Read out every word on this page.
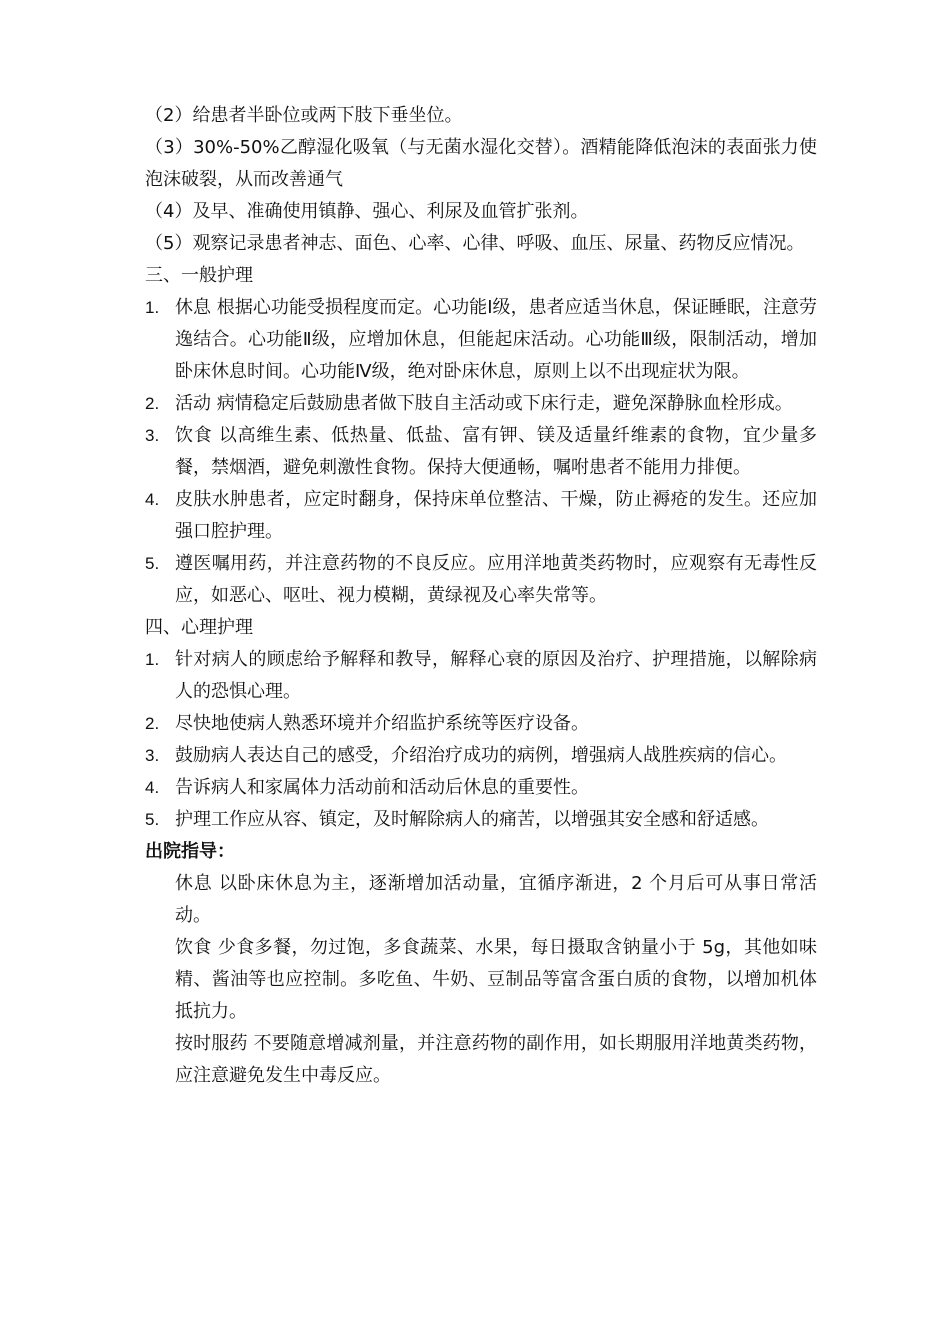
（2）给患者半卧位或两下肢下垂坐位。

（3）30%-50%乙醇湿化吸氧（与无菌水湿化交替）。酒精能降低泡沫的表面张力使泡沫破裂，从而改善通气

（4）及早、准确使用镇静、强心、利尿及血管扩张剂。

（5）观察记录患者神志、面色、心率、心律、呼吸、血压、尿量、药物反应情况。

三、一般护理

1. 休息 根据心功能受损程度而定。心功能Ⅰ级，患者应适当休息，保证睡眠，注意劳逸结合。心功能Ⅱ级，应增加休息，但能起床活动。心功能Ⅲ级，限制活动，增加卧床休息时间。心功能Ⅳ级，绝对卧床休息，原则上以不出现症状为限。
2. 活动 病情稳定后鼓励患者做下肢自主活动或下床行走，避免深静脉血栓形成。
3. 饮食 以高维生素、低热量、低盐、富有钾、镁及适量纤维素的食物，宜少量多餐，禁烟酒，避免刺激性食物。保持大便通畅，嘱咐患者不能用力排便。
4. 皮肤水肿患者，应定时翻身，保持床单位整洁、干燥，防止褥疮的发生。还应加强口腔护理。
5. 遵医嘱用药，并注意药物的不良反应。应用洋地黄类药物时，应观察有无毒性反应，如恶心、呕吐、视力模糊，黄绿视及心率失常等。

四、心理护理

1. 针对病人的顾虑给予解释和教导，解释心衰的原因及治疗、护理措施，以解除病人的恐惧心理。
2. 尽快地使病人熟悉环境并介绍监护系统等医疗设备。
3. 鼓励病人表达自己的感受，介绍治疗成功的病例，增强病人战胜疾病的信心。
4. 告诉病人和家属体力活动前和活动后休息的重要性。
5. 护理工作应从容、镇定，及时解除病人的痛苦，以增强其安全感和舒适感。

出院指导：

休息 以卧床休息为主，逐渐增加活动量，宜循序渐进，2 个月后可从事日常活动。

饮食 少食多餐，勿过饱，多食蔬菜、水果，每日摄取含钠量小于 5g，其他如味精、酱油等也应控制。多吃鱼、牛奶、豆制品等富含蛋白质的食物，以增加机体抵抗力。

按时服药 不要随意增减剂量，并注意药物的副作用，如长期服用洋地黄类药物，应注意避免发生中毒反应。
